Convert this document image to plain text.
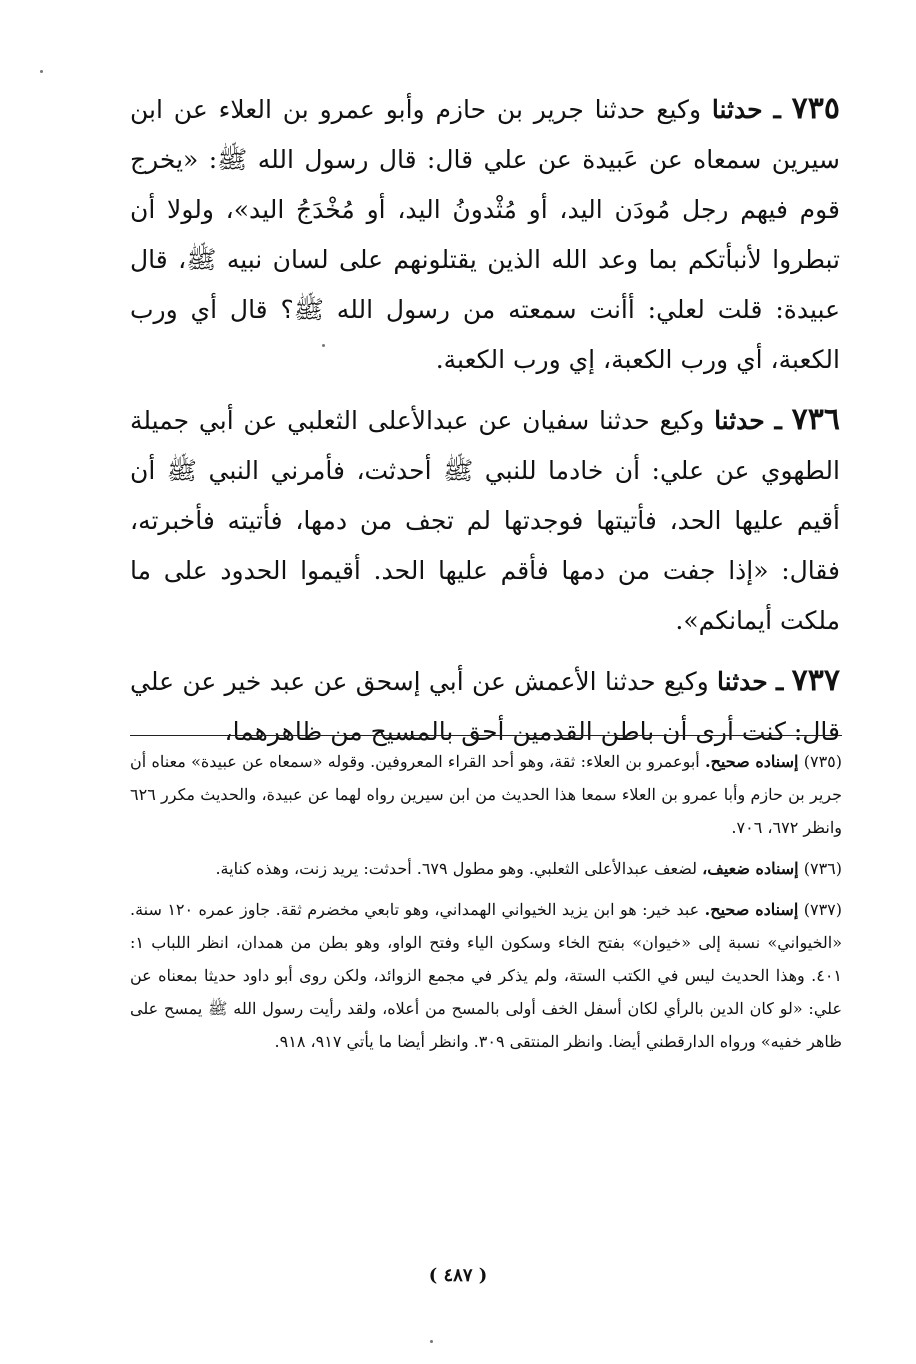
٧٣٥ ـ حدثنا وكيع حدثنا جرير بن حازم وأبو عمرو بن العلاء عن ابن سيرين سمعاه عن عَبيدة عن علي قال: قال رسول الله ﷺ: «يخرج قوم فيهم رجل مُودَن اليد، أو مُثْدونُ اليد، أو مُخْدَجُ اليد»، ولولا أن تبطروا لأنبأتكم بما وعد الله الذين يقتلونهم على لسان نبيه ﷺ، قال عبيدة: قلت لعلي: أأنت سمعته من رسول الله ﷺ؟ قال أي ورب الكعبة، أي ورب الكعبة، إي ورب الكعبة.

٧٣٦ ـ حدثنا وكيع حدثنا سفيان عن عبدالأعلى الثعلبي عن أبي جميلة الطهوي عن علي: أن خادما للنبي ﷺ أحدثت، فأمرني النبي ﷺ أن أقيم عليها الحد، فأتيتها فوجدتها لم تجف من دمها، فأتيته فأخبرته، فقال: «إذا جفت من دمها فأقم عليها الحد. أقيموا الحدود على ما ملكت أيمانكم».

٧٣٧ ـ حدثنا وكيع حدثنا الأعمش عن أبي إسحق عن عبد خير عن علي قال: كنت أرى أن باطن القدمين أحق بالمسيح من ظاهرهما،

(٧٣٥) إسناده صحيح. أبوعمرو بن العلاء: ثقة، وهو أحد القراء المعروفين. وقوله «سمعاه عن عبيدة» معناه أن جرير بن حازم وأبا عمرو بن العلاء سمعا هذا الحديث من ابن سيرين رواه لهما عن عبيدة، والحديث مكرر ٦٢٦ وانظر ٦٧٢، ٧٠٦.

(٧٣٦) إسناده ضعيف، لضعف عبدالأعلى الثعلبي. وهو مطول ٦٧٩. أحدثت: يريد زنت، وهذه كناية.

(٧٣٧) إسناده صحيح. عبد خير: هو ابن يزيد الخيواني الهمداني، وهو تابعي مخضرم ثقة. جاوز عمره ١٢٠ سنة. «الخيواني» نسبة إلى «خيوان» بفتح الخاء وسكون الياء وفتح الواو، وهو بطن من همدان، انظر اللباب ١: ٤٠١. وهذا الحديث ليس في الكتب الستة، ولم يذكر في مجمع الزوائد، ولكن روى أبو داود حديثا بمعناه عن علي: «لو كان الدين بالرأي لكان أسفل الخف أولى بالمسح من أعلاه، ولقد رأيت رسول الله ﷺ يمسح على ظاهر خفيه» ورواه الدارقطني أيضا. وانظر المنتقى ٣٠٩. وانظر أيضا ما يأتي ٩١٧، ٩١٨.

( ٤٨٧ )
